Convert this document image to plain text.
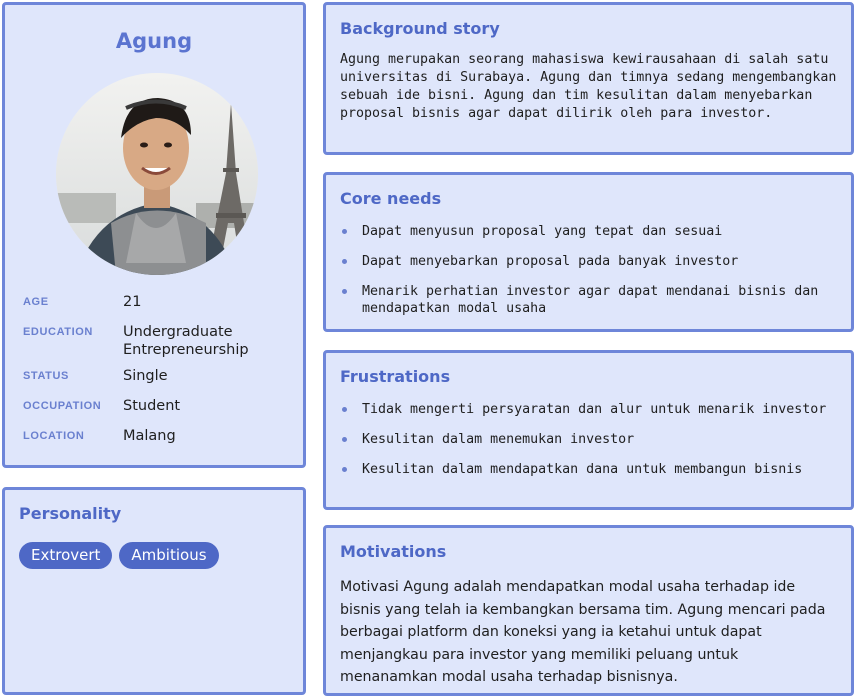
Agung
AGE	21
EDUCATION Undergraduate
Entrepreneurship
STATUS	Single
OCCUPATION Student
LOCATION	Malang
Personality
Extrovert	Ambitious
Background story
Agung merupakan seorang mahasiswa kewirausahaan di salah satu universitas di Surabaya. Agung dan timnya sedang mengembangkan sebuah ide bisni. Agung dan tim kesulitan dalam menyebarkan proposal bisnis agar dapat dilirik oleh para investor.
Core needs
Dapat menyusun proposal yang tepat dan sesuai
Dapat menyebarkan proposal pada banyak investor
Menarik perhatian investor agar dapat mendanai bisnis dan mendapatkan modal usaha
Frustrations
Tidak mengerti persyaratan dan alur untuk menarik investor
Kesulitan dalam menemukan investor
Kesulitan dalam mendapatkan dana untuk membangun bisnis
Motivations
Motivasi Agung adalah mendapatkan modal usaha terhadap ide bisnis yang telah ia kembangkan bersama tim. Agung mencari pada berbagai platform dan koneksi yang ia ketahui untuk dapat menjangkau para investor yang memiliki peluang untuk menanamkan modal usaha terhadap bisnisnya.
